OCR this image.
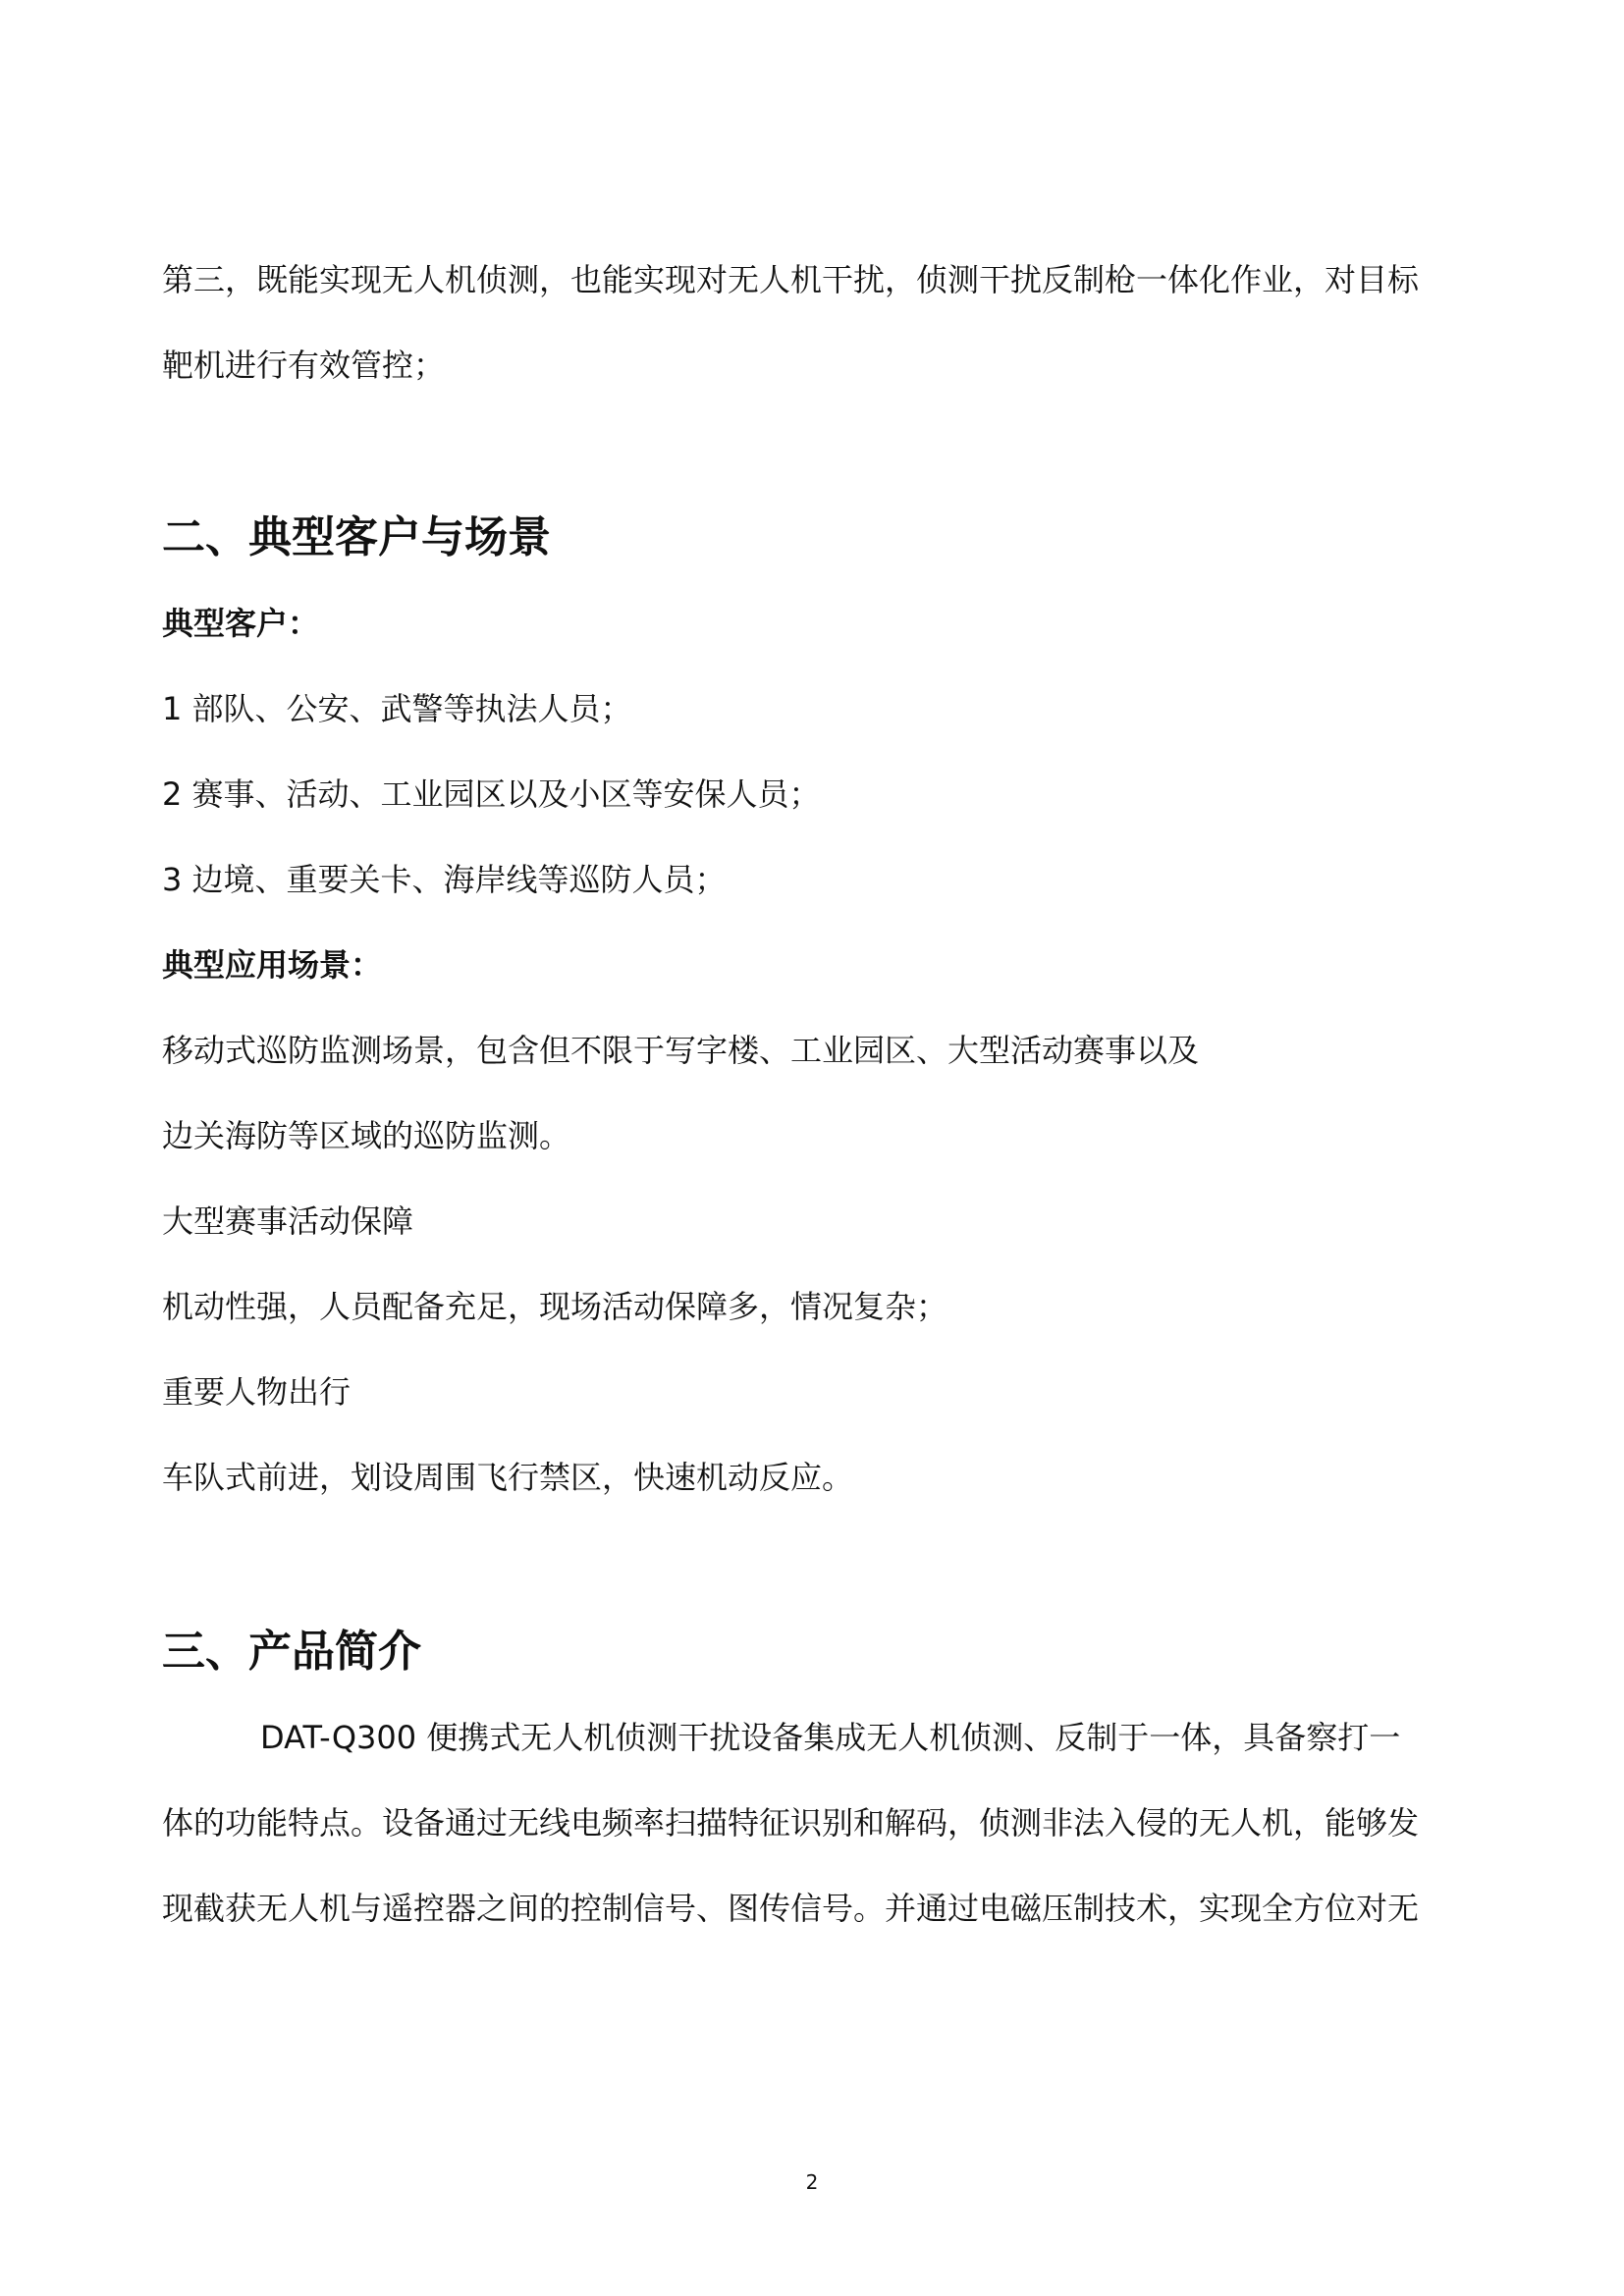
第三，既能实现无人机侦测，也能实现对无人机干扰，侦测干扰反制枪一体化作业，对目标
靶机进行有效管控；
二、典型客户与场景
典型客户：
1 部队、公安、武警等执法人员；
2 赛事、活动、工业园区以及小区等安保人员；
3 边境、重要关卡、海岸线等巡防人员；
典型应用场景：
移动式巡防监测场景，包含但不限于写字楼、工业园区、大型活动赛事以及
边关海防等区域的巡防监测。
大型赛事活动保障
机动性强，人员配备充足，现场活动保障多，情况复杂；
重要人物出行
车队式前进，划设周围飞行禁区，快速机动反应。
三、产品简介
DAT-Q300 便携式无人机侦测干扰设备集成无人机侦测、反制于一体，具备察打一
体的功能特点。设备通过无线电频率扫描特征识别和解码，侦测非法入侵的无人机，能够发
现截获无人机与遥控器之间的控制信号、图传信号。并通过电磁压制技术，实现全方位对无
2
